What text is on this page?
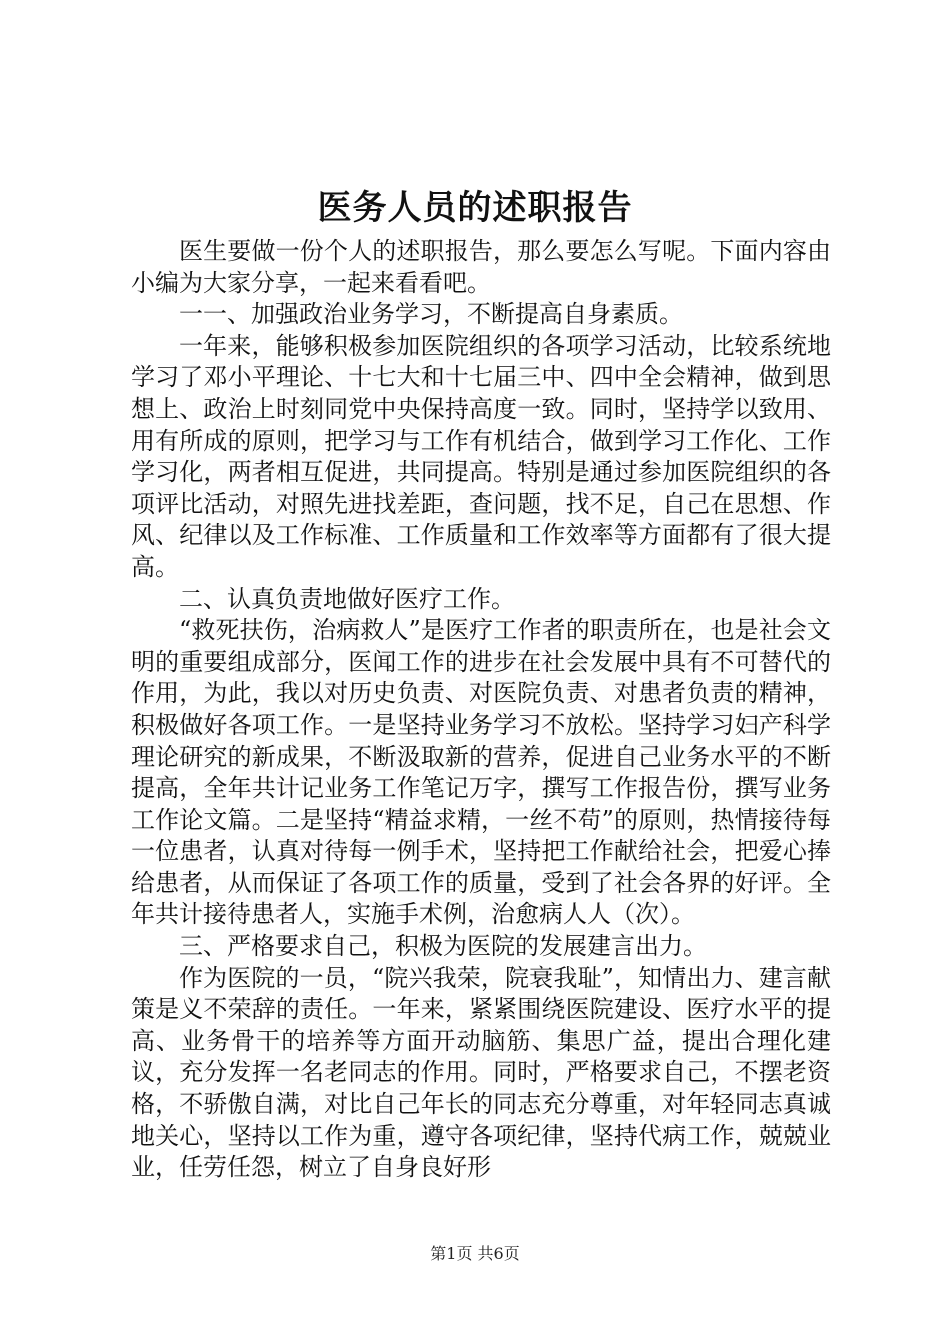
医务人员的述职报告

医生要做一份个人的述职报告，那么要怎么写呢。下面内容由小编为大家分享，一起来看看吧。

一一、加强政治业务学习，不断提高自身素质。

一年来，能够积极参加医院组织的各项学习活动，比较系统地学习了邓小平理论、十七大和十七届三中、四中全会精神，做到思想上、政治上时刻同党中央保持高度一致。同时，坚持学以致用、用有所成的原则，把学习与工作有机结合，做到学习工作化、工作学习化，两者相互促进，共同提高。特别是通过参加医院组织的各项评比活动，对照先进找差距，查问题，找不足，自己在思想、作风、纪律以及工作标准、工作质量和工作效率等方面都有了很大提高。

二、认真负责地做好医疗工作。

“救死扶伤，治病救人”是医疗工作者的职责所在，也是社会文明的重要组成部分，医闻工作的进步在社会发展中具有不可替代的作用，为此，我以对历史负责、对医院负责、对患者负责的精神，积极做好各项工作。一是坚持业务学习不放松。坚持学习妇产科学理论研究的新成果，不断汲取新的营养，促进自己业务水平的不断提高，全年共计记业务工作笔记万字，撰写工作报告份，撰写业务工作论文篇。二是坚持“精益求精，一丝不苟”的原则，热情接待每一位患者，认真对待每一例手术，坚持把工作献给社会，把爱心捧给患者，从而保证了各项工作的质量，受到了社会各界的好评。全年共计接待患者人，实施手术例，治愈病人人（次）。

三、严格要求自己，积极为医院的发展建言出力。

作为医院的一员，“院兴我荣，院衰我耻”，知情出力、建言献策是义不荣辞的责任。一年来，紧紧围绕医院建设、医疗水平的提高、业务骨干的培养等方面开动脑筋、集思广益，提出合理化建议，充分发挥一名老同志的作用。同时，严格要求自己，不摆老资格，不骄傲自满，对比自己年长的同志充分尊重，对年轻同志真诚地关心，坚持以工作为重，遵守各项纪律，坚持代病工作，兢兢业业，任劳任怨，树立了自身良好形

第1页 共6页
